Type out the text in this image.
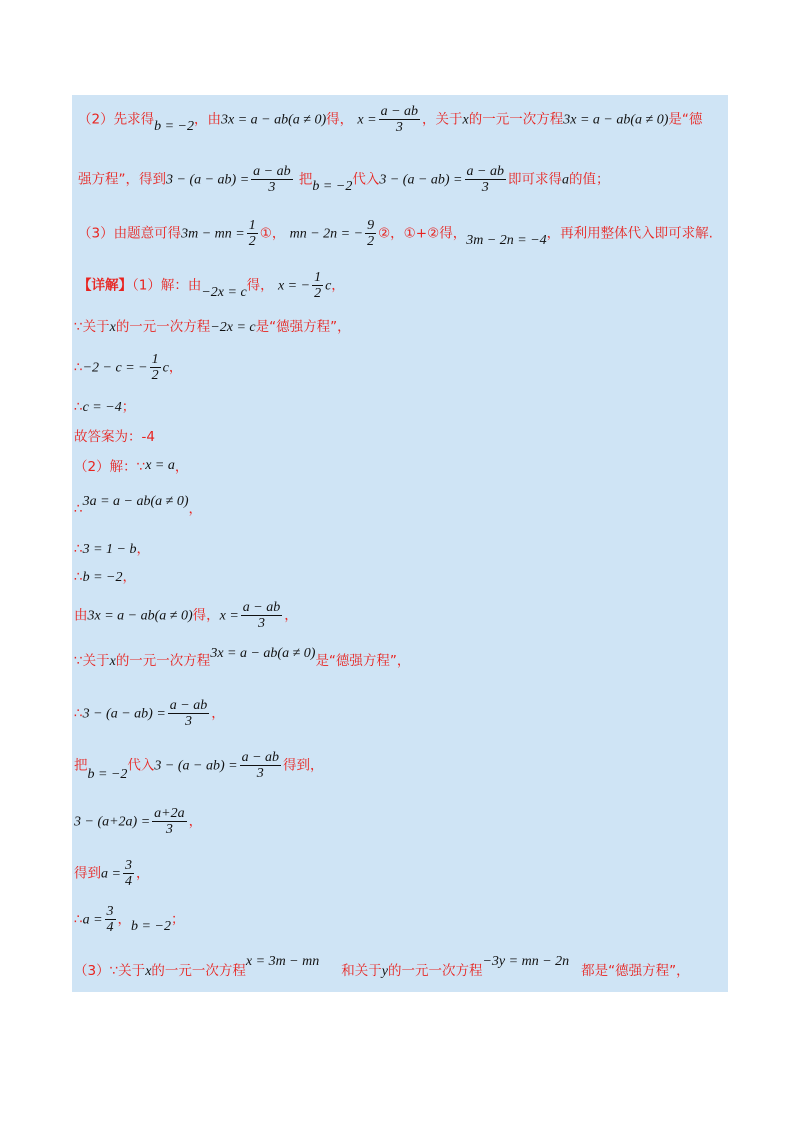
（2）先求得b = −2，由3x = a − ab(a ≠ 0)得， $x = \frac{a - ab}{3}$ ，关于x的一元一次方程3x = a − ab(a ≠ 0)是“德
强方程”，得到$3 - (a - ab) = \frac{a - ab}{3}$ 把b = −2代入$3 - (a - ab) = \frac{a - ab}{3}$ 即可求得a的值；
（3）由题意可得3m − mn = $\frac{1}{2}$ ①， mn − 2n = − $\frac{9}{2}$ ②，①+②得，3m − 2n = −4，再利用整体代入即可求解.
【详解】（1）解：由−2x = c得， x = − $\frac{1}{2}$ c，
∵关于x的一元一次方程−2x = c是“德强方程”，
∴−2 − c = − $\frac{1}{2}$ c，
∴c = −4；
故答案为：-4
（2）解：∵x = a，
∴3a = a − ab(a ≠ 0)，
∴3 = 1 − b，
∴b = −2，
由3x = a − ab(a ≠ 0)得，$x = \frac{a - ab}{3}$ ，
∵关于x的一元一次方程3x = a − ab(a ≠ 0)是“德强方程”，
∴3 − $(a - ab) = \frac{a - ab}{3}$ ，
把b = −2代入$3 - (a - ab) = \frac{a - ab}{3}$ 得到，
$3 - (a+2a) = \frac{a+2a}{3}$ ，
得到$a = \frac{3}{4}$ ，
∴a = $\frac{3}{4}$ ，b = −2；
（3）∵关于x的一元一次方程x = 3m − mn和关于y的一元一次方程−3y = mn − 2n都是“德强方程”，
